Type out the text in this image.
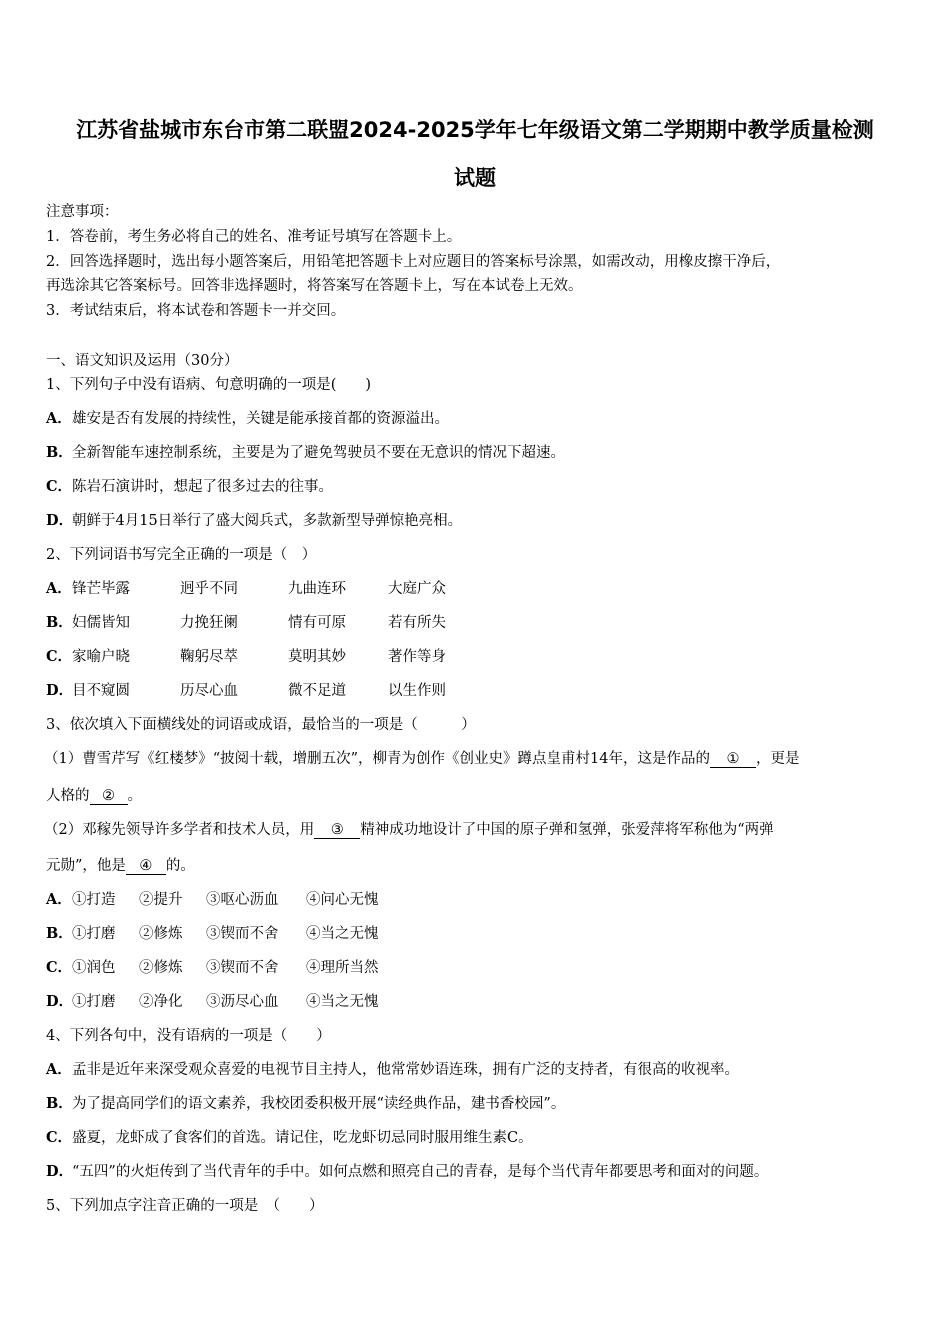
江苏省盐城市东台市第二联盟2024-2025学年七年级语文第二学期期中教学质量检测
试题
注意事项：
1．答卷前，考生务必将自己的姓名、准考证号填写在答题卡上。
2．回答选择题时，选出每小题答案后，用铅笔把答题卡上对应题目的答案标号涂黑，如需改动，用橡皮擦干净后，
再选涂其它答案标号。回答非选择题时，将答案写在答题卡上，写在本试卷上无效。
3．考试结束后，将本试卷和答题卡一并交回。
一、语文知识及运用（30分）
1、下列句子中没有语病、句意明确的一项是(　　)
A．雄安是否有发展的持续性，关键是能承接首都的资源溢出。
B．全新智能车速控制系统，主要是为了避免驾驶员不要在无意识的情况下超速。
C．陈岩石演讲时，想起了很多过去的往事。
D．朝鲜于4月15日举行了盛大阅兵式，多款新型导弹惊艳亮相。
2、下列词语书写完全正确的一项是（　）
A．锋芒毕露	迥乎不同	九曲连环	大庭广众
B．妇儒皆知	力挽狂阑	情有可原	若有所失
C．家喻户晓	鞠躬尽萃	莫明其妙	著作等身
D．目不窥圆	历尽心血	微不足道	以生作则
3、依次填入下面横线处的词语或成语，最恰当的一项是（　　　）
（1）曹雪芹写《红楼梦》“披阅十载，增删五次”，柳青为创作《创业史》蹲点皇甫村14年，这是作品的 ① ，更是
人格的 ② 。
（2）邓稼先领导许多学者和技术人员，用 ③ 精神成功地设计了中国的原子弹和氢弹，张爱萍将军称他为“两弹
元勋”，他是 ④ 的。
A．①打造 ②提升 ③呕心沥血 ④问心无愧
B．①打磨 ②修炼 ③锲而不舍 ④当之无愧
C．①润色 ②修炼 ③锲而不舍 ④理所当然
D．①打磨 ②净化 ③沥尽心血 ④当之无愧
4、下列各句中，没有语病的一项是（　　）
A．孟非是近年来深受观众喜爱的电视节目主持人，他常常妙语连珠，拥有广泛的支持者，有很高的收视率。
B．为了提高同学们的语文素养，我校团委积极开展“读经典作品，建书香校园”。
C．盛夏，龙虾成了食客们的首选。请记住，吃龙虾切忌同时服用维生素C。
D．“五四”的火炬传到了当代青年的手中。如何点燃和照亮自己的青春，是每个当代青年都要思考和面对的问题。
5、下列加点字注音正确的一项是　（　　）
